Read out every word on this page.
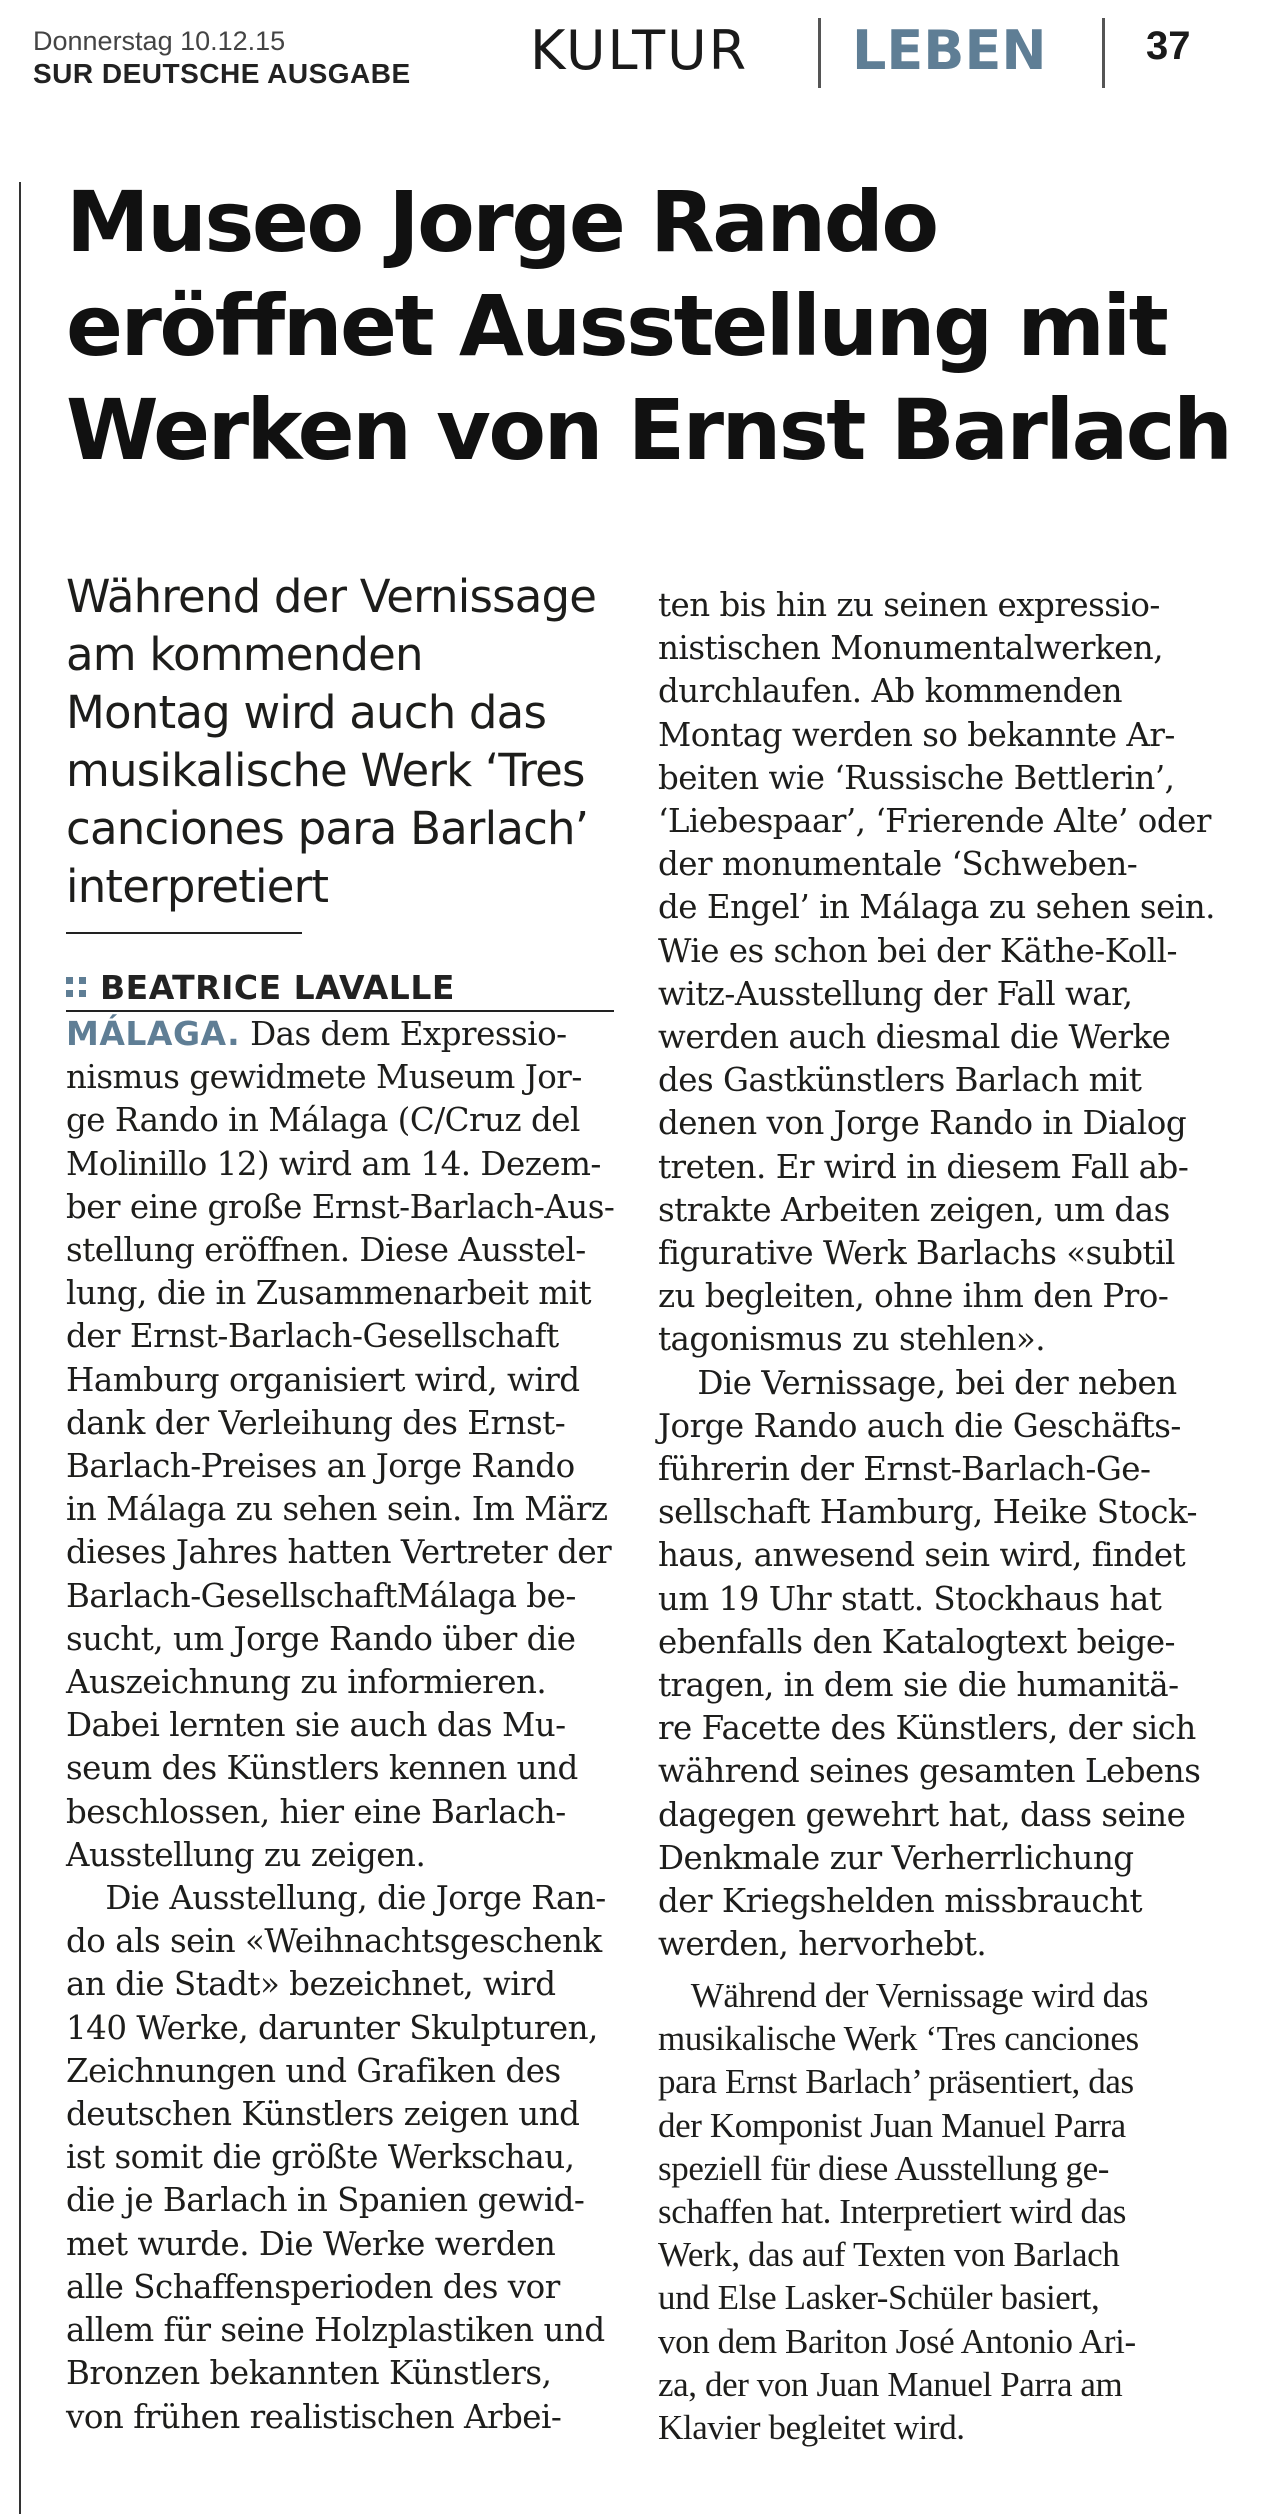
Donnerstag 10.12.15
SUR DEUTSCHE AUSGABE KULTUR LEBEN 37
Museo Jorge Rando
eröffnet Ausstellung mit
Werken von Ernst Barlach
Während der Vernissage
am kommenden
Montag wird auch das
musikalische Werk ‘Tres
canciones para Barlach’
interpretiert
BEATRICE LAVALLE
MÁLAGA. Das dem Expressio-
nismus gewidmete Museum Jor-
ge Rando in Málaga (C/Cruz del
Molinillo 12) wird am 14. Dezem-
ber eine große Ernst-Barlach-Aus-
stellung eröffnen. Diese Ausstel-
lung, die in Zusammenarbeit mit
der Ernst-Barlach-Gesellschaft
Hamburg organisiert wird, wird
dank der Verleihung des Ernst-
Barlach-Preises an Jorge Rando
in Málaga zu sehen sein. Im März
dieses Jahres hatten Vertreter der
Barlach-GesellschaftMálaga be-
sucht, um Jorge Rando über die
Auszeichnung zu informieren.
Dabei lernten sie auch das Mu-
seum des Künstlers kennen und
beschlossen, hier eine Barlach-
Ausstellung zu zeigen.
Die Ausstellung, die Jorge Ran-
do als sein «Weihnachtsgeschenk
an die Stadt» bezeichnet, wird
140 Werke, darunter Skulpturen,
Zeichnungen und Grafiken des
deutschen Künstlers zeigen und
ist somit die größte Werkschau,
die je Barlach in Spanien gewid-
met wurde. Die Werke werden
alle Schaffensperioden des vor
allem für seine Holzplastiken und
Bronzen bekannten Künstlers,
von frühen realistischen Arbei-
ten bis hin zu seinen expressio-
nistischen Monumentalwerken,
durchlaufen. Ab kommenden
Montag werden so bekannte Ar-
beiten wie ‘Russische Bettlerin’,
‘Liebespaar’, ‘Frierende Alte’ oder
der monumentale ‘Schweben-
de Engel’ in Málaga zu sehen sein.
Wie es schon bei der Käthe-Koll-
witz-Ausstellung der Fall war,
werden auch diesmal die Werke
des Gastkünstlers Barlach mit
denen von Jorge Rando in Dialog
treten. Er wird in diesem Fall ab-
strakte Arbeiten zeigen, um das
figurative Werk Barlachs «subtil
zu begleiten, ohne ihm den Pro-
tagonismus zu stehlen».
Die Vernissage, bei der neben
Jorge Rando auch die Geschäfts-
führerin der Ernst-Barlach-Ge-
sellschaft Hamburg, Heike Stock-
haus, anwesend sein wird, findet
um 19 Uhr statt. Stockhaus hat
ebenfalls den Katalogtext beige-
tragen, in dem sie die humanitä-
re Facette des Künstlers, der sich
während seines gesamten Lebens
dagegen gewehrt hat, dass seine
Denkmale zur Verherrlichung
der Kriegshelden missbraucht
werden, hervorhebt.
Während der Vernissage wird das
musikalische Werk ‘Tres canciones
para Ernst Barlach’ präsentiert, das
der Komponist Juan Manuel Parra
speziell für diese Ausstellung ge-
schaffen hat. Interpretiert wird das
Werk, das auf Texten von Barlach
und Else Lasker-Schüler basiert,
von dem Bariton José Antonio Ari-
za, der von Juan Manuel Parra am
Klavier begleitet wird.
